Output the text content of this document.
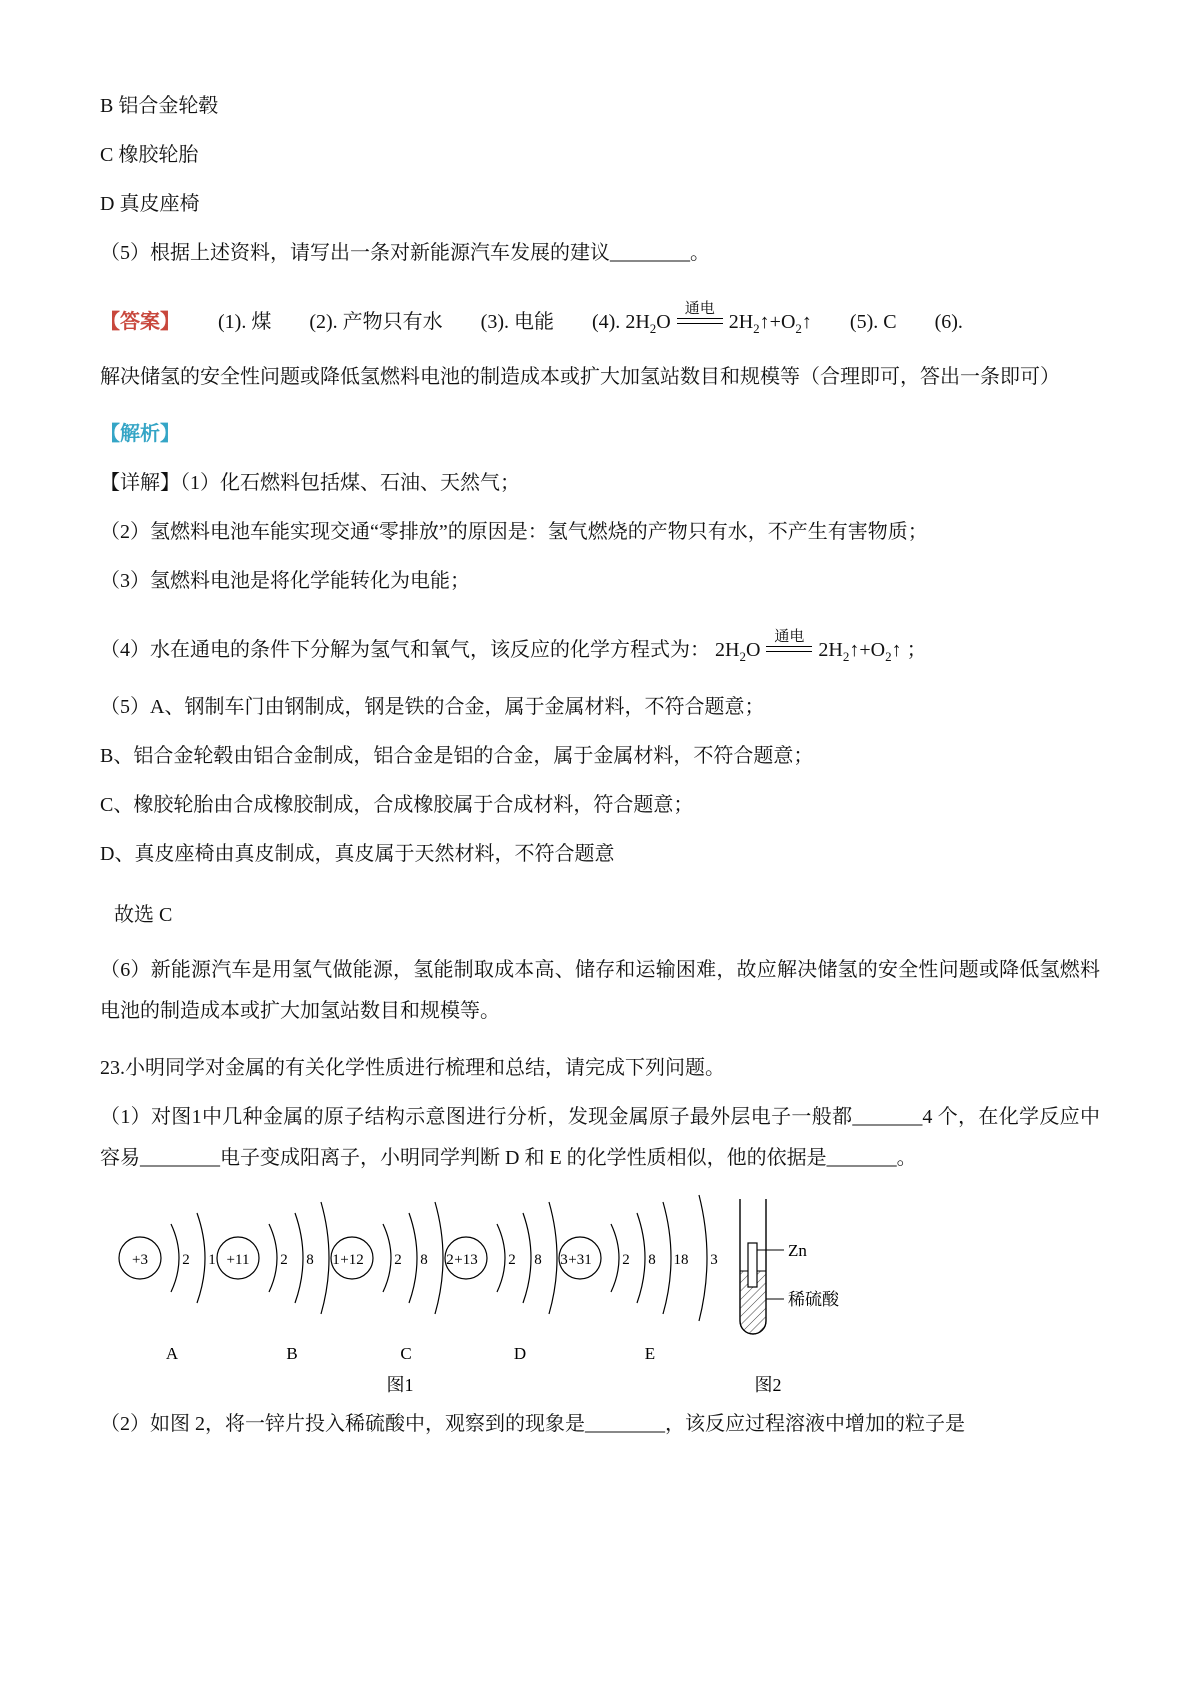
B 铝合金轮毂

C 橡胶轮胎

D 真皮座椅

（5）根据上述资料，请写出一条对新能源汽车发展的建议________。

【答案】 (1). 煤 (2). 产物只有水 (3). 电能 (4). $2H_2O$
通电
$2H_2↑+O_2↑$ (5). C (6).

解决储氢的安全性问题或降低氢燃料电池的制造成本或扩大加氢站数目和规模等（合理即可，答出一条即可）

【解析】

【详解】（1）化石燃料包括煤、石油、天然气；

（2）氢燃料电池车能实现交通“零排放”的原因是：氢气燃烧的产物只有水，不产生有害物质；

（3）氢燃料电池是将化学能转化为电能；

（4）水在通电的条件下分解为氢气和氧气，该反应的化学方程式为： $2H_2O$
通电
$2H_2↑+O_2↑$ ；

（5）A、钢制车门由钢制成，钢是铁的合金，属于金属材料，不符合题意；

B、铝合金轮毂由铝合金制成，铝合金是铝的合金，属于金属材料，不符合题意；

C、橡胶轮胎由合成橡胶制成，合成橡胶属于合成材料，符合题意；

D、真皮座椅由真皮制成，真皮属于天然材料，不符合题意

故选 C

（6）新能源汽车是用氢气做能源，氢能制取成本高、储存和运输困难，故应解决储氢的安全性问题或降低氢燃料电池的制造成本或扩大加氢站数目和规模等。

23.小明同学对金属的有关化学性质进行梳理和总结，请完成下列问题。

（1）对图1中几种金属的原子结构示意图进行分析，发现金属原子最外层电子一般都_______4 个，在化学反应中容易________电子变成阳离子，小明同学判断 D 和 E 的化学性质相似，他的依据是_______。

+3 2 1
A
+11 2 8 1
B
+12 2 8 2
C
+13 2 8 3
D
+31 2 8 18 3
E
图1
Zn
稀硫酸
图2

（2）如图 2，将一锌片投入稀硫酸中，观察到的现象是________，该反应过程溶液中增加的粒子是
